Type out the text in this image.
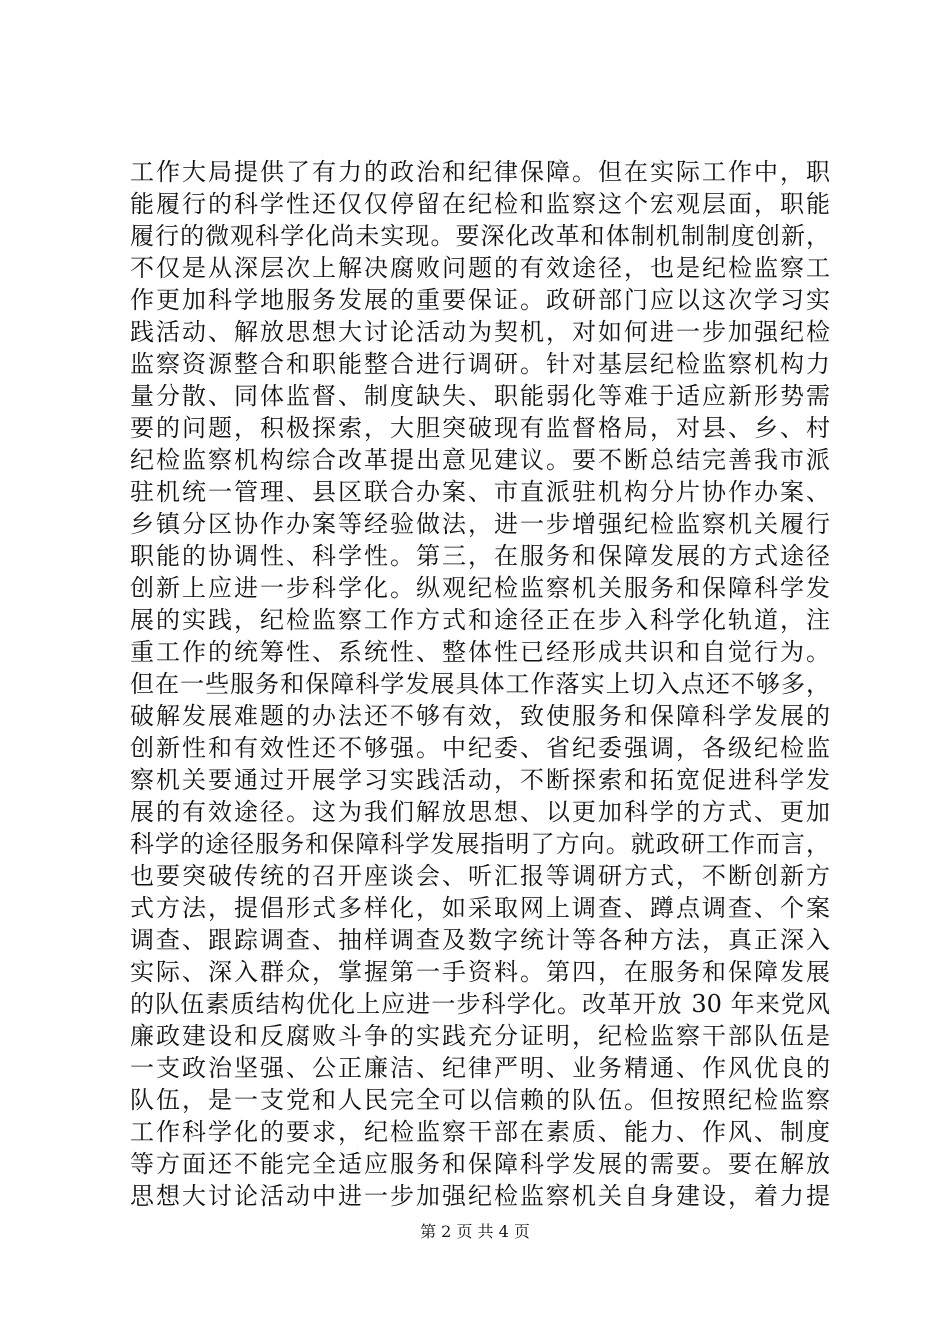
工作大局提供了有力的政治和纪律保障。但在实际工作中，职
能履行的科学性还仅仅停留在纪检和监察这个宏观层面，职能
履行的微观科学化尚未实现。要深化改革和体制机制制度创新，
不仅是从深层次上解决腐败问题的有效途径，也是纪检监察工
作更加科学地服务发展的重要保证。政研部门应以这次学习实
践活动、解放思想大讨论活动为契机，对如何进一步加强纪检
监察资源整合和职能整合进行调研。针对基层纪检监察机构力
量分散、同体监督、制度缺失、职能弱化等难于适应新形势需
要的问题，积极探索，大胆突破现有监督格局，对县、乡、村
纪检监察机构综合改革提出意见建议。要不断总结完善我市派
驻机统一管理、县区联合办案、市直派驻机构分片协作办案、
乡镇分区协作办案等经验做法，进一步增强纪检监察机关履行
职能的协调性、科学性。第三，在服务和保障发展的方式途径
创新上应进一步科学化。纵观纪检监察机关服务和保障科学发
展的实践，纪检监察工作方式和途径正在步入科学化轨道，注
重工作的统筹性、系统性、整体性已经形成共识和自觉行为。
但在一些服务和保障科学发展具体工作落实上切入点还不够多，
破解发展难题的办法还不够有效，致使服务和保障科学发展的
创新性和有效性还不够强。中纪委、省纪委强调，各级纪检监
察机关要通过开展学习实践活动，不断探索和拓宽促进科学发
展的有效途径。这为我们解放思想、以更加科学的方式、更加
科学的途径服务和保障科学发展指明了方向。就政研工作而言，
也要突破传统的召开座谈会、听汇报等调研方式，不断创新方
式方法，提倡形式多样化，如采取网上调查、蹲点调查、个案
调查、跟踪调查、抽样调查及数字统计等各种方法，真正深入
实际、深入群众，掌握第一手资料。第四，在服务和保障发展
的队伍素质结构优化上应进一步科学化。改革开放 30 年来党风
廉政建设和反腐败斗争的实践充分证明，纪检监察干部队伍是
一支政治坚强、公正廉洁、纪律严明、业务精通、作风优良的
队伍，是一支党和人民完全可以信赖的队伍。但按照纪检监察
工作科学化的要求，纪检监察干部在素质、能力、作风、制度
等方面还不能完全适应服务和保障科学发展的需要。要在解放
思想大讨论活动中进一步加强纪检监察机关自身建设，着力提
第 2 页 共 4 页
